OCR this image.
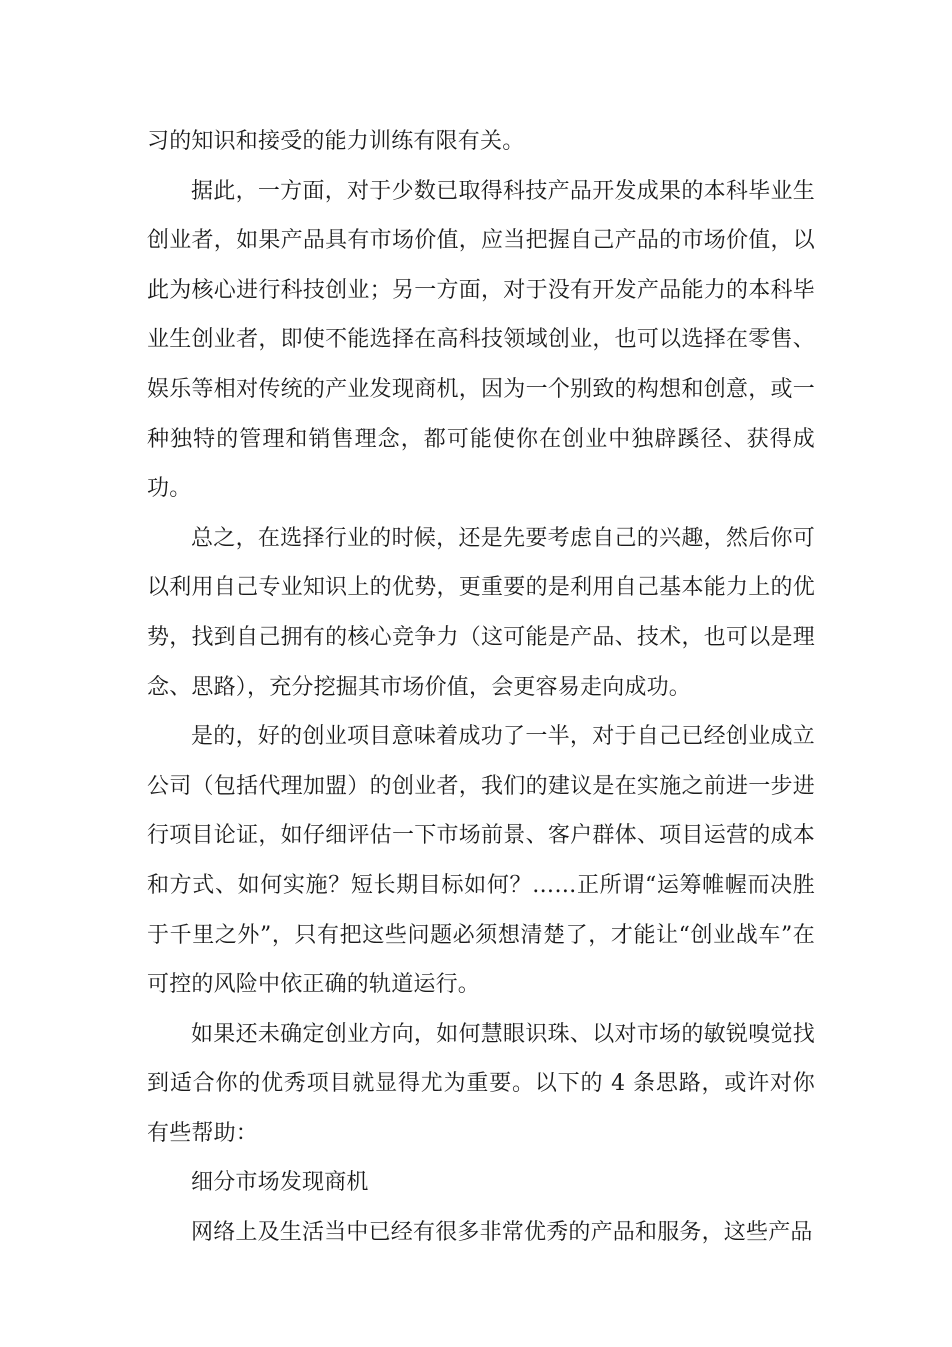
习的知识和接受的能力训练有限有关。

据此，一方面，对于少数已取得科技产品开发成果的本科毕业生创业者，如果产品具有市场价值，应当把握自己产品的市场价值，以此为核心进行科技创业；另一方面，对于没有开发产品能力的本科毕业生创业者，即使不能选择在高科技领域创业，也可以选择在零售、娱乐等相对传统的产业发现商机，因为一个别致的构想和创意，或一种独特的管理和销售理念，都可能使你在创业中独辟蹊径、获得成功。

总之，在选择行业的时候，还是先要考虑自己的兴趣，然后你可以利用自己专业知识上的优势，更重要的是利用自己基本能力上的优势，找到自己拥有的核心竞争力（这可能是产品、技术，也可以是理念、思路），充分挖掘其市场价值，会更容易走向成功。

是的，好的创业项目意味着成功了一半，对于自己已经创业成立公司（包括代理加盟）的创业者，我们的建议是在实施之前进一步进行项目论证，如仔细评估一下市场前景、客户群体、项目运营的成本和方式、如何实施？短长期目标如何？……正所谓“运筹帷幄而决胜于千里之外”，只有把这些问题必须想清楚了，才能让“创业战车”在可控的风险中依正确的轨道运行。

如果还未确定创业方向，如何慧眼识珠、以对市场的敏锐嗅觉找到适合你的优秀项目就显得尤为重要。以下的 4 条思路，或许对你有些帮助：

细分市场发现商机

网络上及生活当中已经有很多非常优秀的产品和服务，这些产品
